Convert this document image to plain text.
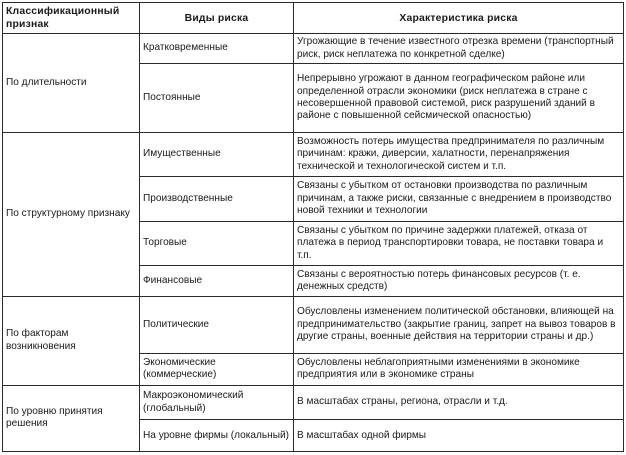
Классификационный признак	Виды риска	Характеристика риска
По длительности	Кратковременные	Угрожающие в течение известного отрезка времени (транспортный риск, риск неплатежа по конкретной сделке)
	Постоянные	Непрерывно угрожают в данном географическом районе или определенной отрасли экономики (риск неплатежа в стране с несовершенной правовой системой, риск разрушений зданий в районе с повышенной сейсмической опасностью)
По структурному признаку	Имущественные	Возможность потерь имущества предпринимателя по различным причинам: кражи, диверсии, халатности, перенапряжения технической и технологической систем и т.п.
	Производственные	Связаны с убытком от остановки производства по различным причинам, а также риски, связанные с внедрением в производство новой техники и технологии
	Торговые	Связаны с убытком по причине задержки платежей, отказа от платежа в период транспортировки товара, не поставки товара и т.п.
	Финансовые	Связаны с вероятностью потерь финансовых ресурсов (т. е. денежных средств)
По факторам возникновения	Политические	Обусловлены изменением политической обстановки, влияющей на предпринимательство (закрытие границ, запрет на вывоз товаров в другие страны, военные действия на территории страны и др.)
	Экономические (коммерческие)	Обусловлены неблагоприятными изменениями в экономике предприятия или в экономике страны
По уровню принятия решения	Макроэкономический (глобальный)	В масштабах страны, региона, отрасли и т.д.
	На уровне фирмы (локальный)	В масштабах одной фирмы
